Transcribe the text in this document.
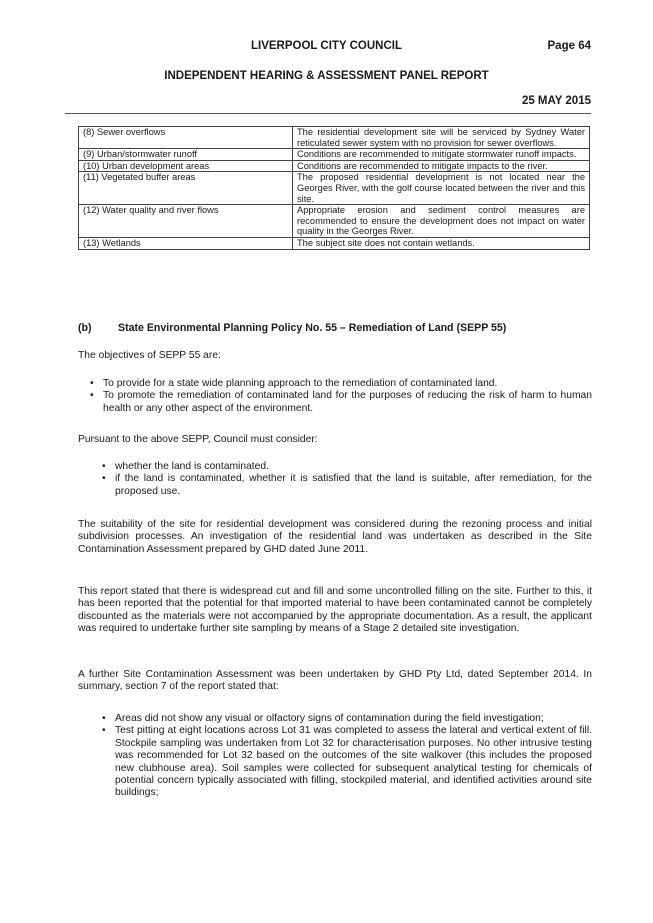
LIVERPOOL CITY COUNCIL	Page 64
INDEPENDENT HEARING & ASSESSMENT PANEL REPORT
25 MAY 2015
(8) Sewer overflows	The residential development site will be serviced by Sydney Water reticulated sewer system with no provision for sewer overflows.
(9) Urban/stormwater runoff	Conditions are recommended to mitigate stormwater runoff impacts.
(10) Urban development areas	Conditions are recommended to mitigate impacts to the river.
(11) Vegetated buffer areas	The proposed residential development is not located near the Georges River, with the golf course located between the river and this site.
(12) Water quality and river flows	Appropriate erosion and sediment control measures are recommended to ensure the development does not impact on water quality in the Georges River.
(13) Wetlands	The subject site does not contain wetlands.
(b) State Environmental Planning Policy No. 55 – Remediation of Land (SEPP 55)
The objectives of SEPP 55 are:
• To provide for a state wide planning approach to the remediation of contaminated land.
• To promote the remediation of contaminated land for the purposes of reducing the risk of harm to human health or any other aspect of the environment.
Pursuant to the above SEPP, Council must consider:
• whether the land is contaminated.
• if the land is contaminated, whether it is satisfied that the land is suitable, after remediation, for the proposed use.
The suitability of the site for residential development was considered during the rezoning process and initial subdivision processes. An investigation of the residential land was undertaken as described in the Site Contamination Assessment prepared by GHD dated June 2011.
This report stated that there is widespread cut and fill and some uncontrolled filling on the site. Further to this, it has been reported that the potential for that imported material to have been contaminated cannot be completely discounted as the materials were not accompanied by the appropriate documentation. As a result, the applicant was required to undertake further site sampling by means of a Stage 2 detailed site investigation.
A further Site Contamination Assessment was been undertaken by GHD Pty Ltd, dated September 2014. In summary, section 7 of the report stated that:
• Areas did not show any visual or olfactory signs of contamination during the field investigation;
• Test pitting at eight locations across Lot 31 was completed to assess the lateral and vertical extent of fill. Stockpile sampling was undertaken from Lot 32 for characterisation purposes. No other intrusive testing was recommended for Lot 32 based on the outcomes of the site walkover (this includes the proposed new clubhouse area). Soil samples were collected for subsequent analytical testing for chemicals of potential concern typically associated with filling, stockpiled material, and identified activities around site buildings;
